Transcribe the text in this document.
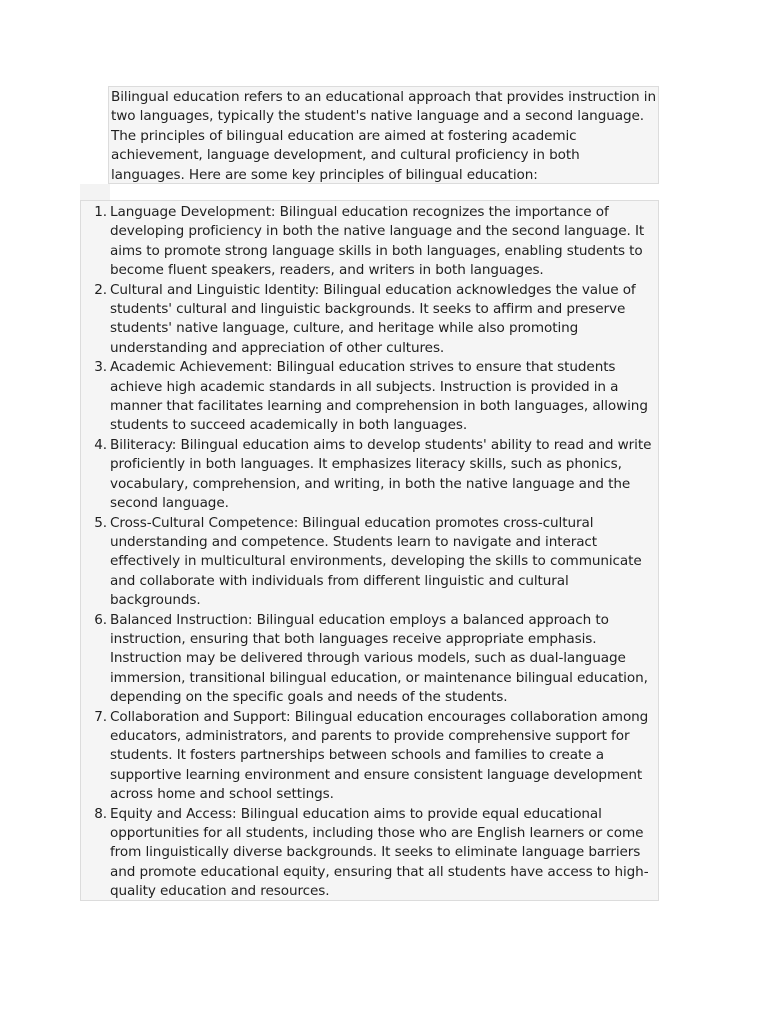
Bilingual education refers to an educational approach that provides instruction in two languages, typically the student's native language and a second language. The principles of bilingual education are aimed at fostering academic achievement, language development, and cultural proficiency in both languages. Here are some key principles of bilingual education:
1. Language Development: Bilingual education recognizes the importance of developing proficiency in both the native language and the second language. It aims to promote strong language skills in both languages, enabling students to become fluent speakers, readers, and writers in both languages.
2. Cultural and Linguistic Identity: Bilingual education acknowledges the value of students' cultural and linguistic backgrounds. It seeks to affirm and preserve students' native language, culture, and heritage while also promoting understanding and appreciation of other cultures.
3. Academic Achievement: Bilingual education strives to ensure that students achieve high academic standards in all subjects. Instruction is provided in a manner that facilitates learning and comprehension in both languages, allowing students to succeed academically in both languages.
4. Biliteracy: Bilingual education aims to develop students' ability to read and write proficiently in both languages. It emphasizes literacy skills, such as phonics, vocabulary, comprehension, and writing, in both the native language and the second language.
5. Cross-Cultural Competence: Bilingual education promotes cross-cultural understanding and competence. Students learn to navigate and interact effectively in multicultural environments, developing the skills to communicate and collaborate with individuals from different linguistic and cultural backgrounds.
6. Balanced Instruction: Bilingual education employs a balanced approach to instruction, ensuring that both languages receive appropriate emphasis. Instruction may be delivered through various models, such as dual-language immersion, transitional bilingual education, or maintenance bilingual education, depending on the specific goals and needs of the students.
7. Collaboration and Support: Bilingual education encourages collaboration among educators, administrators, and parents to provide comprehensive support for students. It fosters partnerships between schools and families to create a supportive learning environment and ensure consistent language development across home and school settings.
8. Equity and Access: Bilingual education aims to provide equal educational opportunities for all students, including those who are English learners or come from linguistically diverse backgrounds. It seeks to eliminate language barriers and promote educational equity, ensuring that all students have access to high-quality education and resources.
